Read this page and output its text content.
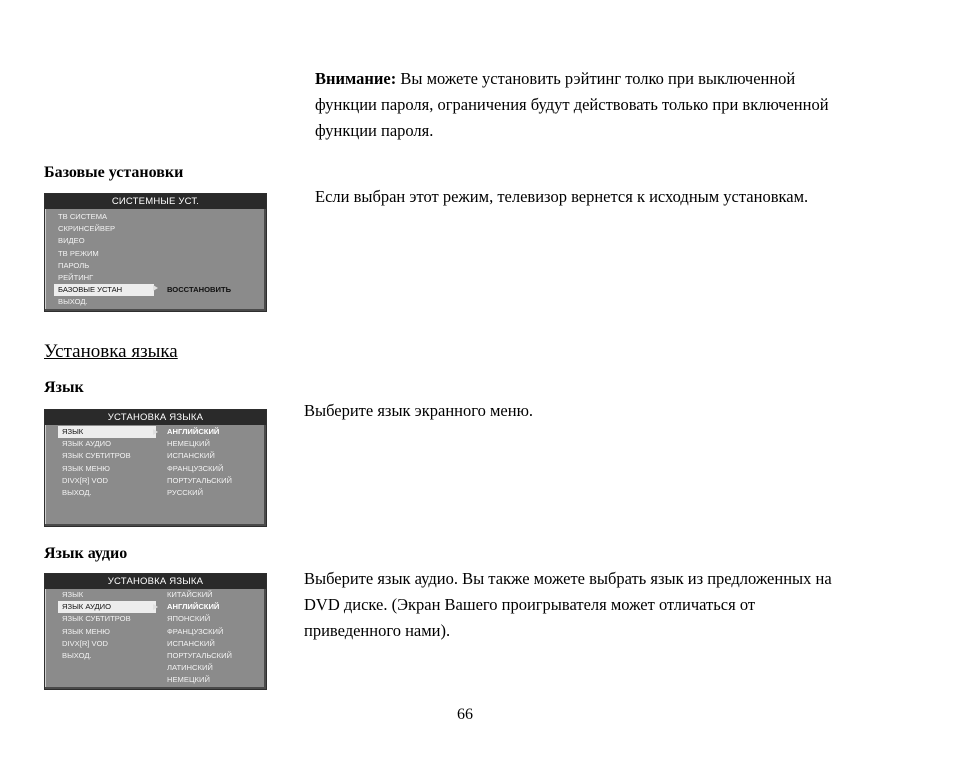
Внимание: Вы можете установить рэйтинг толко при выключенной
функции пароля, ограничения будут действовать только при включенной
функции пароля.
Базовые установки
Если выбран этот режим, телевизор вернется к исходным установкам.
СИСТЕМНЫЕ УСТ.
ТВ СИСТЕМА
СКРИНСЕЙВЕР
ВИДЕО
ТВ РЕЖИМ
ПАРОЛЬ
РЕЙТИНГ
БАЗОВЫЕ УСТАН
ВЫХОД.
ВОССТАНОВИТЬ
Установка языка
Язык
Выберите язык экранного меню.
УСТАНОВКА ЯЗЫКА
ЯЗЫК
ЯЗЫК АУДИО
ЯЗЫК СУБТИТРОВ
ЯЗЫК МЕНЮ
DIVX[R] VOD
ВЫХОД.
АНГЛИЙСКИЙ
НЕМЕЦКИЙ
ИСПАНСКИЙ
ФРАНЦУЗСКИЙ
ПОРТУГАЛЬСКИЙ
РУССКИЙ
Язык аудио
Выберите язык аудио. Вы также можете выбрать язык из предложенных на
DVD диске. (Экран Вашего проигрывателя может отличаться от
приведенного нами).
УСТАНОВКА ЯЗЫКА
ЯЗЫК
ЯЗЫК АУДИО
ЯЗЫК СУБТИТРОВ
ЯЗЫК МЕНЮ
DIVX[R] VOD
ВЫХОД.
КИТАЙСКИЙ
АНГЛИЙСКИЙ
ЯПОНСКИЙ
ФРАНЦУЗСКИЙ
ИСПАНСКИЙ
ПОРТУГАЛЬСКИЙ
ЛАТИНСКИЙ
НЕМЕЦКИЙ
66
